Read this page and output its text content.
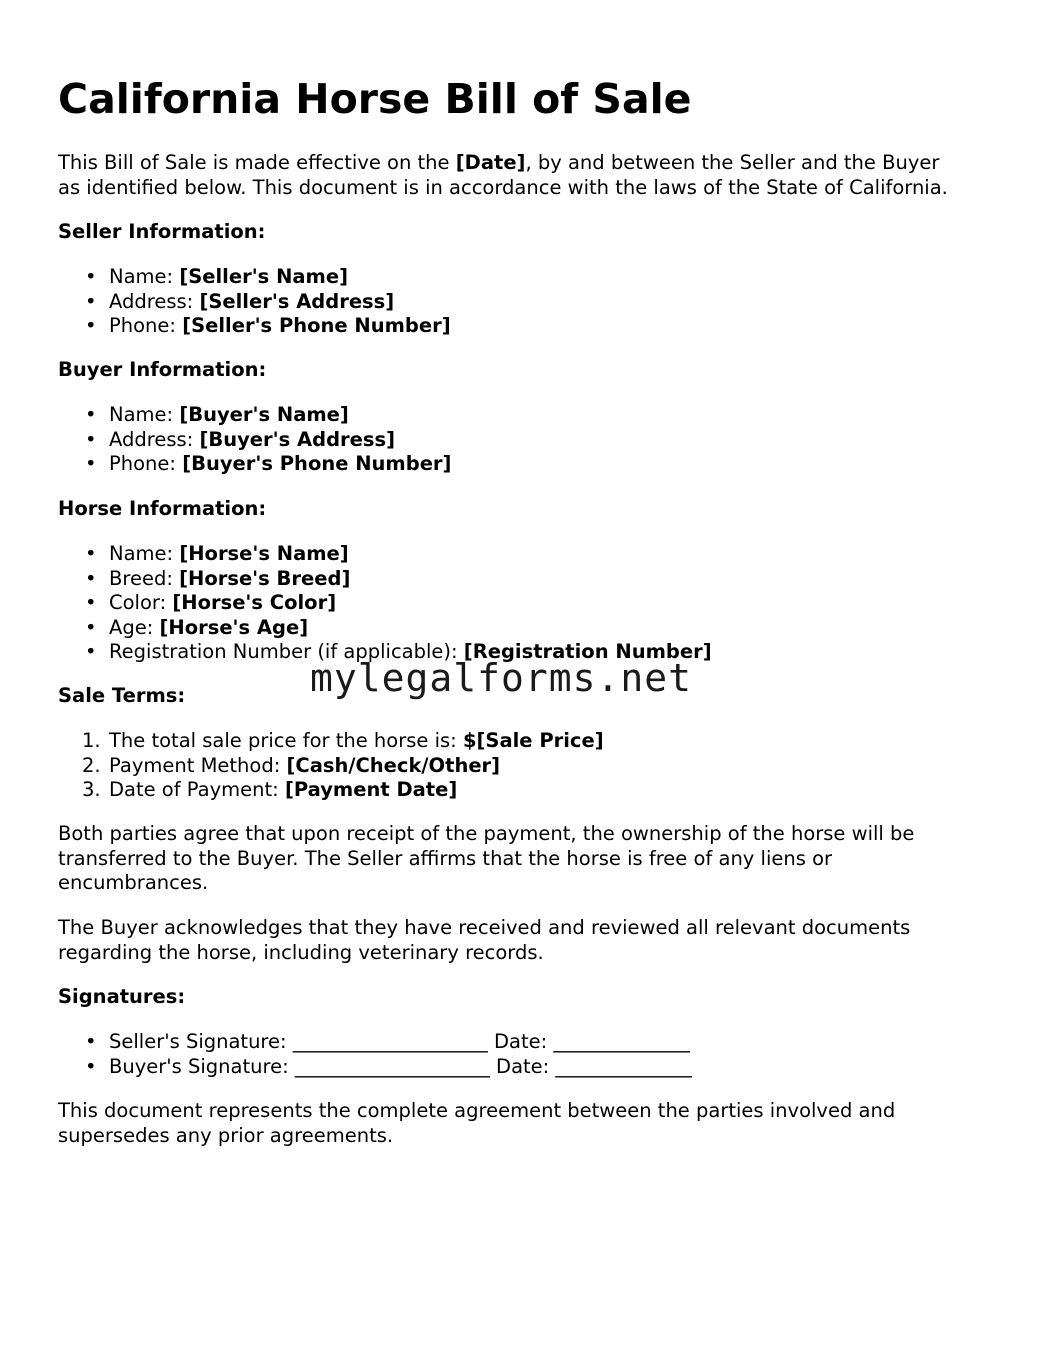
California Horse Bill of Sale
This Bill of Sale is made effective on the [Date], by and between the Seller and the Buyer
as identified below. This document is in accordance with the laws of the State of California.
Seller Information:
• Name: [Seller's Name]
• Address: [Seller's Address]
• Phone: [Seller's Phone Number]
Buyer Information:
• Name: [Buyer's Name]
• Address: [Buyer's Address]
• Phone: [Buyer's Phone Number]
Horse Information:
• Name: [Horse's Name]
• Breed: [Horse's Breed]
• Color: [Horse's Color]
• Age: [Horse's Age]
• Registration Number (if applicable): [Registration Number]
Sale Terms:
1. The total sale price for the horse is: $[Sale Price]
2. Payment Method: [Cash/Check/Other]
3. Date of Payment: [Payment Date]
Both parties agree that upon receipt of the payment, the ownership of the horse will be
transferred to the Buyer. The Seller affirms that the horse is free of any liens or
encumbrances.
The Buyer acknowledges that they have received and reviewed all relevant documents
regarding the horse, including veterinary records.
Signatures:
• Seller's Signature: ____________________ Date: ______________
• Buyer's Signature: ____________________ Date: ______________
This document represents the complete agreement between the parties involved and
supersedes any prior agreements.
mylegalforms.net
